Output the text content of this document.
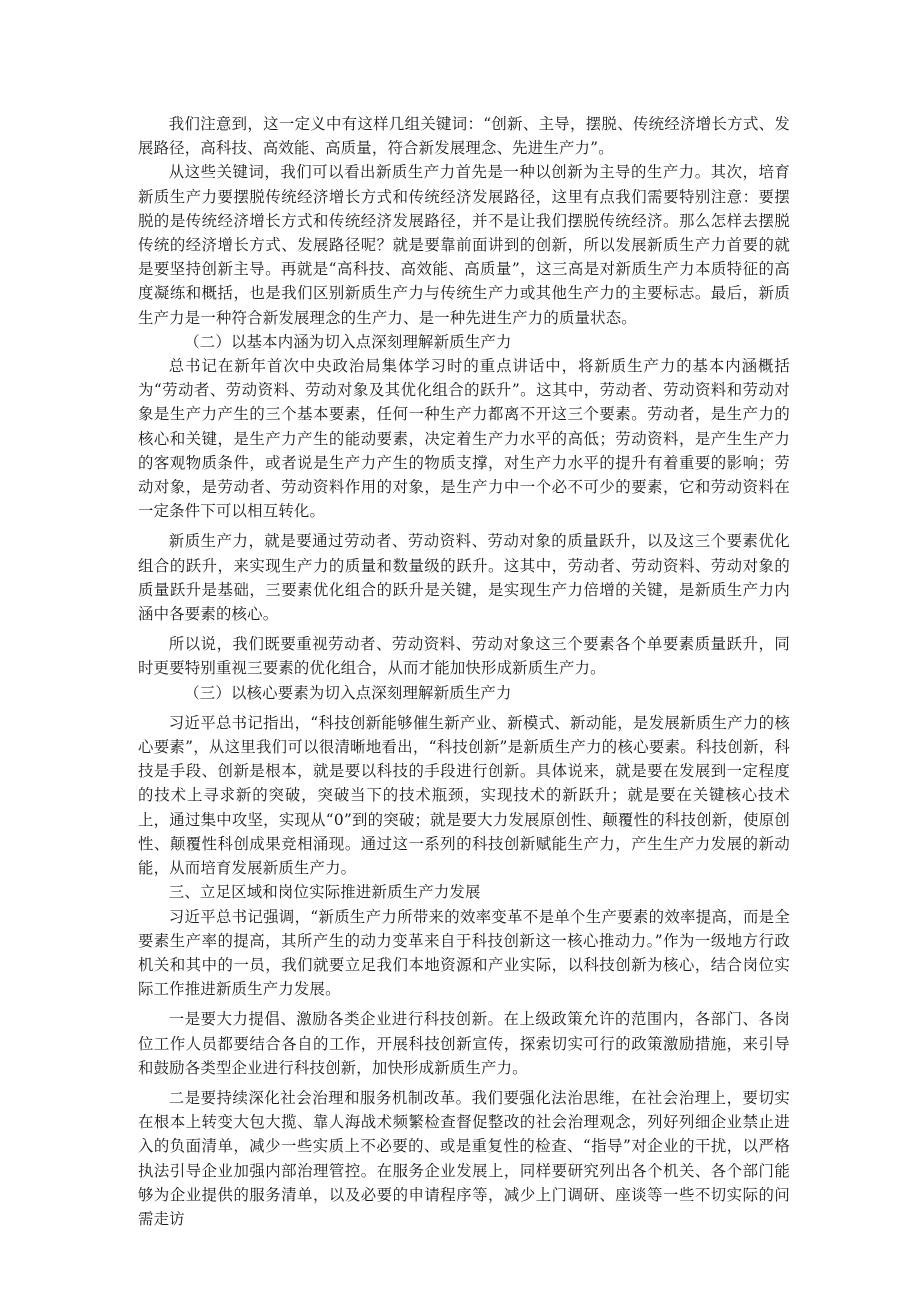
我们注意到，这一定义中有这样几组关键词：“创新、主导，摆脱、传统经济增长方式、发展路径，高科技、高效能、高质量，符合新发展理念、先进生产力”。

从这些关键词，我们可以看出新质生产力首先是一种以创新为主导的生产力。其次，培育新质生产力要摆脱传统经济增长方式和传统经济发展路径，这里有点我们需要特别注意：要摆脱的是传统经济增长方式和传统经济发展路径，并不是让我们摆脱传统经济。那么怎样去摆脱传统的经济增长方式、发展路径呢？就是要靠前面讲到的创新，所以发展新质生产力首要的就是要坚持创新主导。再就是“高科技、高效能、高质量”，这三高是对新质生产力本质特征的高度凝练和概括，也是我们区别新质生产力与传统生产力或其他生产力的主要标志。最后，新质生产力是一种符合新发展理念的生产力、是一种先进生产力的质量状态。

（二）以基本内涵为切入点深刻理解新质生产力

总书记在新年首次中央政治局集体学习时的重点讲话中，将新质生产力的基本内涵概括为“劳动者、劳动资料、劳动对象及其优化组合的跃升”。这其中，劳动者、劳动资料和劳动对象是生产力产生的三个基本要素，任何一种生产力都离不开这三个要素。劳动者，是生产力的核心和关键，是生产力产生的能动要素，决定着生产力水平的高低；劳动资料，是产生生产力的客观物质条件，或者说是生产力产生的物质支撑，对生产力水平的提升有着重要的影响；劳动对象，是劳动者、劳动资料作用的对象，是生产力中一个必不可少的要素，它和劳动资料在一定条件下可以相互转化。

新质生产力，就是要通过劳动者、劳动资料、劳动对象的质量跃升，以及这三个要素优化组合的跃升，来实现生产力的质量和数量级的跃升。这其中，劳动者、劳动资料、劳动对象的质量跃升是基础，三要素优化组合的跃升是关键，是实现生产力倍增的关键，是新质生产力内涵中各要素的核心。

所以说，我们既要重视劳动者、劳动资料、劳动对象这三个要素各个单要素质量跃升，同时更要特别重视三要素的优化组合，从而才能加快形成新质生产力。

（三）以核心要素为切入点深刻理解新质生产力

习近平总书记指出，“科技创新能够催生新产业、新模式、新动能，是发展新质生产力的核心要素”，从这里我们可以很清晰地看出，“科技创新”是新质生产力的核心要素。科技创新，科技是手段、创新是根本，就是要以科技的手段进行创新。具体说来，就是要在发展到一定程度的技术上寻求新的突破，突破当下的技术瓶颈，实现技术的新跃升；就是要在关键核心技术上，通过集中攻坚，实现从“0”到的突破；就是要大力发展原创性、颠覆性的科技创新，使原创性、颠覆性科创成果竞相涌现。通过这一系列的科技创新赋能生产力，产生生产力发展的新动能，从而培育发展新质生产力。

三、立足区域和岗位实际推进新质生产力发展

习近平总书记强调，“新质生产力所带来的效率变革不是单个生产要素的效率提高，而是全要素生产率的提高，其所产生的动力变革来自于科技创新这一核心推动力。”作为一级地方行政机关和其中的一员，我们就要立足我们本地资源和产业实际，以科技创新为核心，结合岗位实际工作推进新质生产力发展。

一是要大力提倡、激励各类企业进行科技创新。在上级政策允许的范围内，各部门、各岗位工作人员都要结合各自的工作，开展科技创新宣传，探索切实可行的政策激励措施，来引导和鼓励各类型企业进行科技创新，加快形成新质生产力。

二是要持续深化社会治理和服务机制改革。我们要强化法治思维，在社会治理上，要切实在根本上转变大包大揽、靠人海战术频繁检查督促整改的社会治理观念，列好列细企业禁止进入的负面清单，减少一些实质上不必要的、或是重复性的检查、“指导”对企业的干扰，以严格执法引导企业加强内部治理管控。在服务企业发展上，同样要研究列出各个机关、各个部门能够为企业提供的服务清单，以及必要的申请程序等，减少上门调研、座谈等一些不切实际的问需走访
